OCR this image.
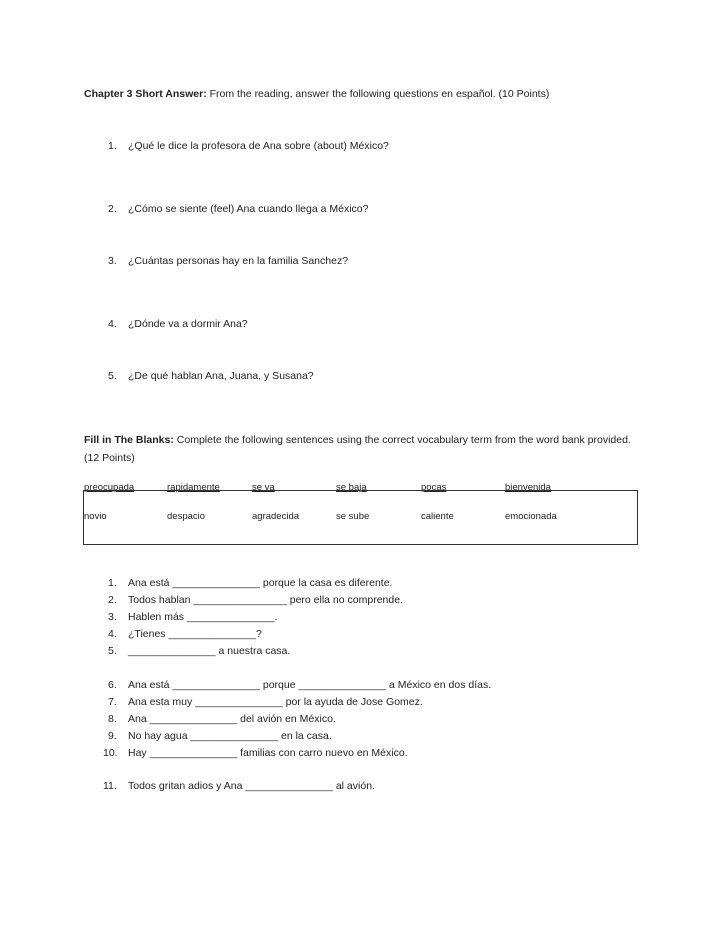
Chapter 3 Short Answer: From the reading, answer the following questions en español. (10 Points)
1. ¿Qué le dice la profesora de Ana sobre (about) México?
2. ¿Cómo se siente (feel) Ana cuando llega a México?
3. ¿Cuántas personas hay en la familia Sanchez?
4. ¿Dónde va a dormir Ana?
5. ¿De qué hablan Ana, Juana, y Susana?
Fill in The Blanks: Complete the following sentences using the correct vocabulary term from the word bank provided. (12 Points)
preocupada	rapidamente	se va	se baja	pocas	bienvenida
novio	despacio	agradecida	se sube	caliente	emocionada
1. Ana está _______________ porque la casa es diferente.
2. Todos hablan ________________ pero ella no comprende.
3. Hablen más _______________.
4. ¿Tienes _______________?
5. _______________ a nuestra casa.
6. Ana está _______________ porque _______________ a México en dos días.
7. Ana esta muy _______________ por la ayuda de Jose Gomez.
8. Ana _______________ del avión en México.
9. No hay agua _______________ en la casa.
10. Hay _______________ familias con carro nuevo en México.
11. Todos gritan adios y Ana _______________ al avión.
